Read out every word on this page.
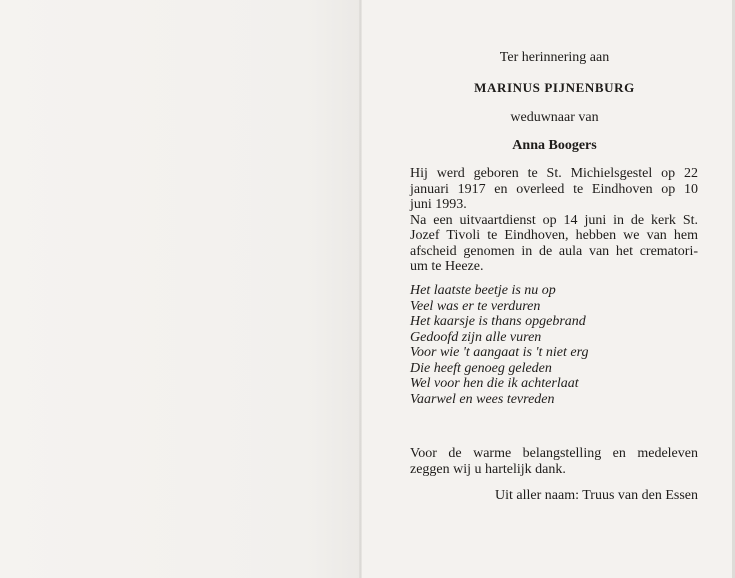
Ter herinnering aan
MARINUS PIJNENBURG
weduwnaar van
Anna Boogers
Hij werd geboren te St. Michielsgestel op 22
januari 1917 en overleed te Eindhoven op 10
juni 1993.
Na een uitvaartdienst op 14 juni in de kerk St.
Jozef Tivoli te Eindhoven, hebben we van hem
afscheid genomen in de aula van het crematori-
um te Heeze.
Het laatste beetje is nu op
Veel was er te verduren
Het kaarsje is thans opgebrand
Gedoofd zijn alle vuren
Voor wie 't aangaat is 't niet erg
Die heeft genoeg geleden
Wel voor hen die ik achterlaat
Vaarwel en wees tevreden
Voor de warme belangstelling en medeleven
zeggen wij u hartelijk dank.
Uit aller naam: Truus van den Essen
